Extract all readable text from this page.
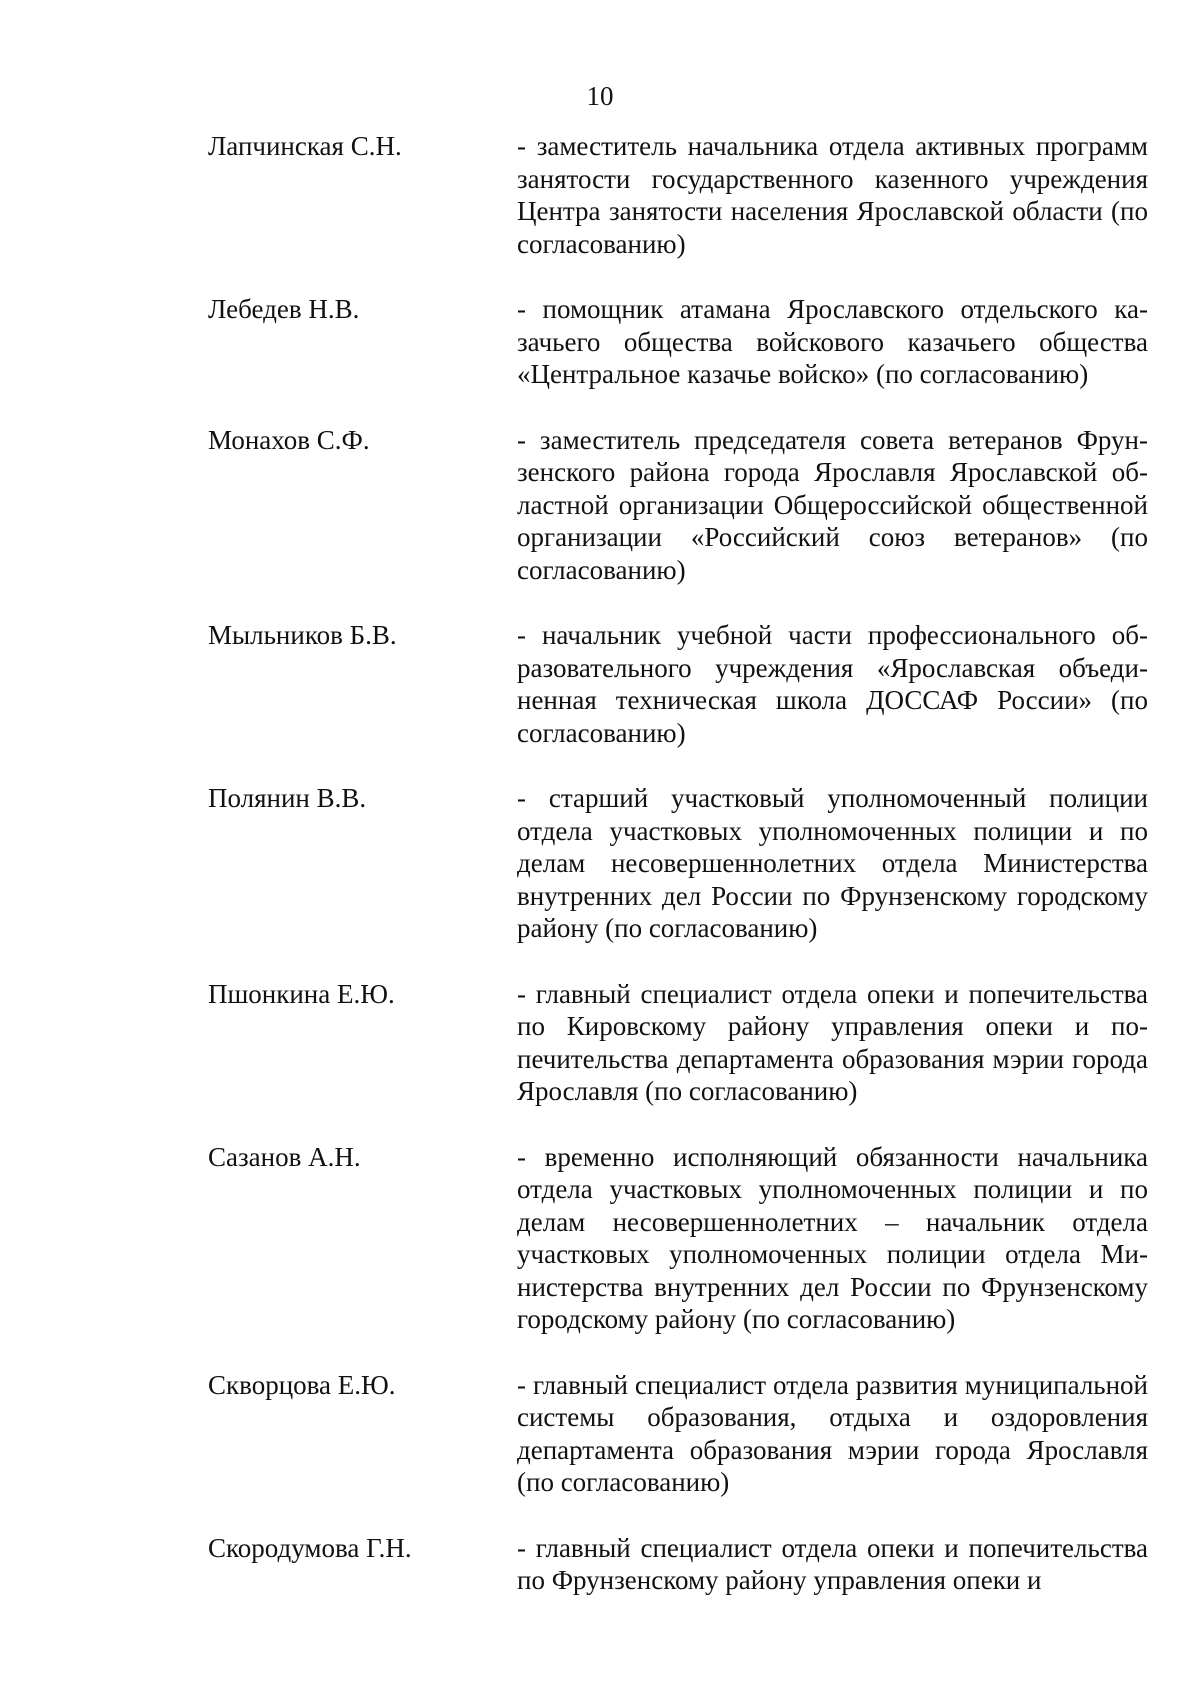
10
Лапчинская С.Н.	- заместитель начальника отдела активных программ занятости государственного казенного учреждения Центра занятости населения Ярославской области (по согласованию)
Лебедев Н.В.	- помощник атамана Ярославского отдельского казачьего общества войскового казачьего общества «Центральное казачье войско» (по согласованию)
Монахов С.Ф.	- заместитель председателя совета ветеранов Фрунзенского района города Ярославля Ярославской областной организации Общероссийской общественной организации «Российский союз ветеранов» (по согласованию)
Мыльников Б.В.	- начальник учебной части профессионального образовательного учреждения «Ярославская объединенная техническая школа ДОССАФ России» (по согласованию)
Полянин В.В.	- старший участковый уполномоченный полиции отдела участковых уполномоченных полиции и по делам несовершеннолетних отдела Министерства внутренних дел России по Фрунзенскому городскому району (по согласованию)
Пшонкина Е.Ю.	- главный специалист отдела опеки и попечительства по Кировскому району управления опеки и попечительства департамента образования мэрии города Ярославля (по согласованию)
Сазанов А.Н.	- временно исполняющий обязанности начальника отдела участковых уполномоченных полиции и по делам несовершеннолетних – начальник отдела участковых уполномоченных полиции отдела Министерства внутренних дел России по Фрунзенскому городскому району (по согласованию)
Скворцова Е.Ю.	- главный специалист отдела развития муниципальной системы образования, отдыха и оздоровления департамента образования мэрии города Ярославля (по согласованию)
Скородумова Г.Н.	- главный специалист отдела опеки и попечительства по Фрунзенскому району управления опеки и
